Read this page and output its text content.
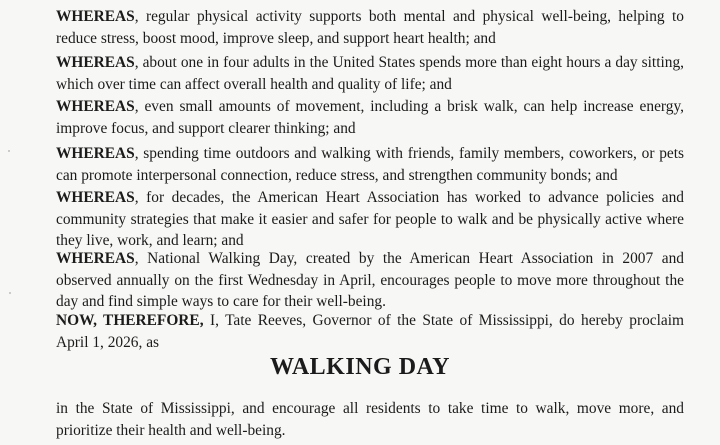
WHEREAS, regular physical activity supports both mental and physical well-being, helping to reduce stress, boost mood, improve sleep, and support heart health; and

WHEREAS, about one in four adults in the United States spends more than eight hours a day sitting, which over time can affect overall health and quality of life; and

WHEREAS, even small amounts of movement, including a brisk walk, can help increase energy, improve focus, and support clearer thinking; and

WHEREAS, spending time outdoors and walking with friends, family members, coworkers, or pets can promote interpersonal connection, reduce stress, and strengthen community bonds; and

WHEREAS, for decades, the American Heart Association has worked to advance policies and community strategies that make it easier and safer for people to walk and be physically active where they live, work, and learn; and

WHEREAS, National Walking Day, created by the American Heart Association in 2007 and observed annually on the first Wednesday in April, encourages people to move more throughout the day and find simple ways to care for their well-being.

NOW, THEREFORE, I, Tate Reeves, Governor of the State of Mississippi, do hereby proclaim April 1, 2026, as

WALKING DAY

in the State of Mississippi, and encourage all residents to take time to walk, move more, and prioritize their health and well-being.
